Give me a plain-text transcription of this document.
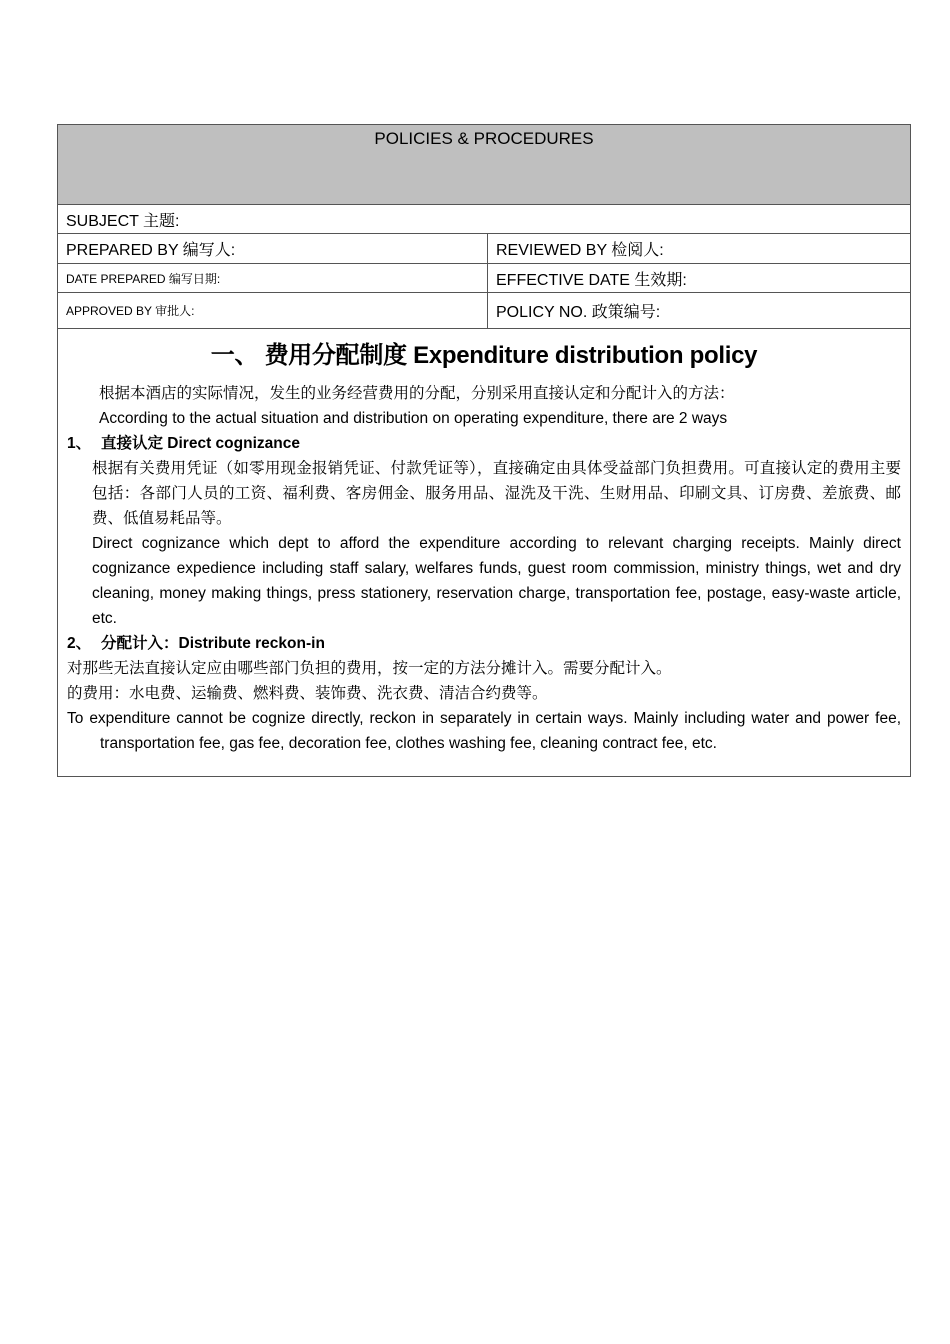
POLICIES & PROCEDURES
SUBJECT 主题:
PREPARED BY 编写人:	REVIEWED BY 检阅人:
DATE PREPARED 编写日期:	EFFECTIVE DATE 生效期:
APPROVED BY 审批人:	POLICY NO. 政策编号:
一、 费用分配制度 Expenditure distribution policy

根据本酒店的实际情况，发生的业务经营费用的分配，分别采用直接认定和分配计入的方法：

According to the actual situation and distribution on operating expenditure, there are 2 ways

1、 直接认定 Direct cognizance

根据有关费用凭证（如零用现金报销凭证、付款凭证等），直接确定由具体受益部门负担费用。可直接认定的费用主要包括：各部门人员的工资、福利费、客房佣金、服务用品、湿洗及干洗、生财用品、印刷文具、订房费、差旅费、邮费、低值易耗品等。

Direct cognizance which dept to afford the expenditure according to relevant charging receipts. Mainly direct cognizance expedience including staff salary, welfares funds, guest room commission, ministry things, wet and dry cleaning, money making things, press stationery, reservation charge, transportation fee, postage, easy-waste article, etc.

2、 分配计入：Distribute reckon-in

对那些无法直接认定应由哪些部门负担的费用，按一定的方法分摊计入。需要分配计入。

的费用：水电费、运输费、燃料费、装饰费、洗衣费、清洁合约费等。

To expenditure cannot be cognize directly, reckon in separately in certain ways. Mainly including water and power fee, transportation fee, gas fee, decoration fee, clothes washing fee, cleaning contract fee, etc.
